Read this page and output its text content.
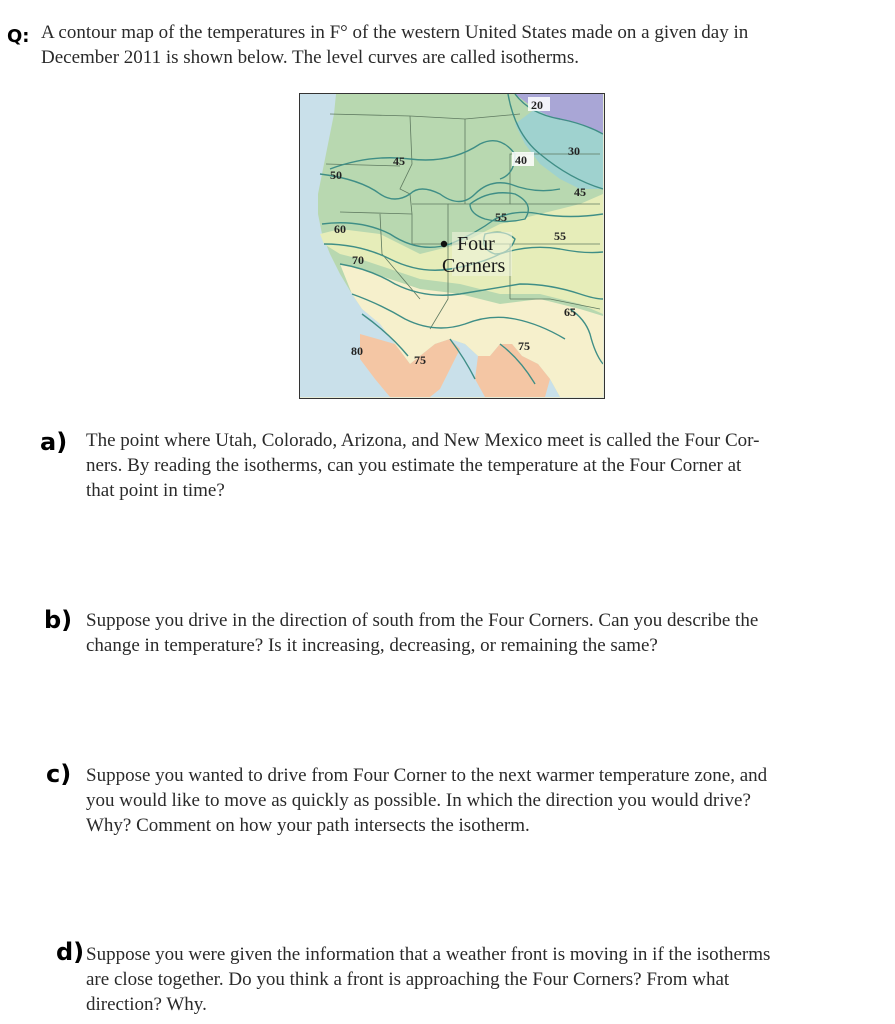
Q: A contour map of the temperatures in F° of the western United States made on a given day in
December 2011 is shown below. The level curves are called isotherms.
20
45	40
30
50
45
55
55
60
70
65
80
75
75
Four
Corners
a) The point where Utah, Colorado, Arizona, and New Mexico meet is called the Four Cor-
ners. By reading the isotherms, can you estimate the temperature at the Four Corner at
that point in time?
b) Suppose you drive in the direction of south from the Four Corners. Can you describe the
change in temperature? Is it increasing, decreasing, or remaining the same?
c) Suppose you wanted to drive from Four Corner to the next warmer temperature zone, and
you would like to move as quickly as possible. In which the direction you would drive?
Why? Comment on how your path intersects the isotherm.
d) Suppose you were given the information that a weather front is moving in if the isotherms
are close together. Do you think a front is approaching the Four Corners? From what
direction? Why.
